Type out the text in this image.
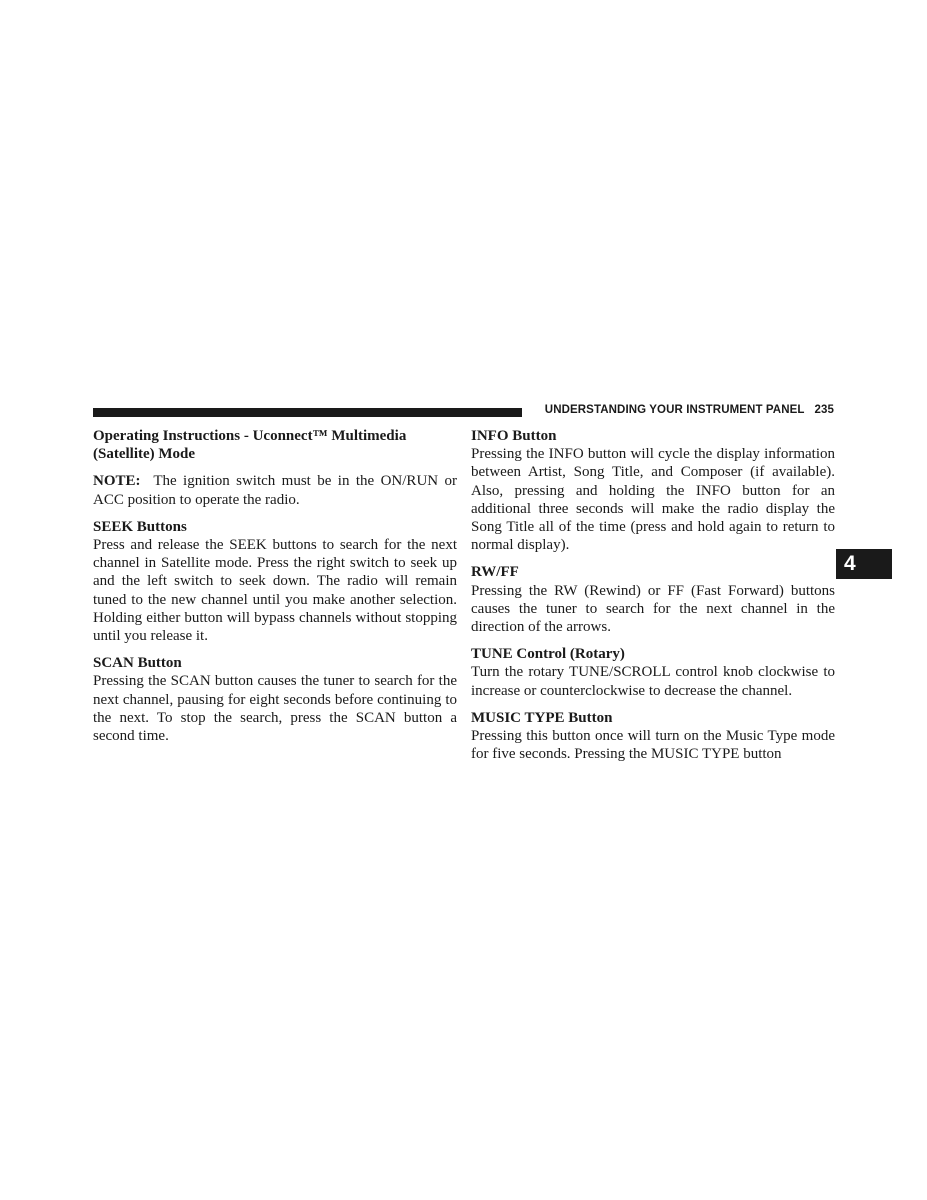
UNDERSTANDING YOUR INSTRUMENT PANEL 235
4

Operating Instructions - Uconnect™ Multimedia
(Satellite) Mode

NOTE: The ignition switch must be in the ON/RUN or ACC position to operate the radio.

SEEK Buttons

Press and release the SEEK buttons to search for the next channel in Satellite mode. Press the right switch to seek up and the left switch to seek down. The radio will remain tuned to the new channel until you make another selection. Holding either button will bypass channels without stopping until you release it.

SCAN Button

Pressing the SCAN button causes the tuner to search for the next channel, pausing for eight seconds before continuing to the next. To stop the search, press the SCAN button a second time.

INFO Button

Pressing the INFO button will cycle the display information between Artist, Song Title, and Composer (if available). Also, pressing and holding the INFO button for an additional three seconds will make the radio display the Song Title all of the time (press and hold again to return to normal display).

RW/FF

Pressing the RW (Rewind) or FF (Fast Forward) buttons causes the tuner to search for the next channel in the direction of the arrows.

TUNE Control (Rotary)

Turn the rotary TUNE/SCROLL control knob clockwise to increase or counterclockwise to decrease the channel.

MUSIC TYPE Button

Pressing this button once will turn on the Music Type mode for five seconds. Pressing the MUSIC TYPE button
